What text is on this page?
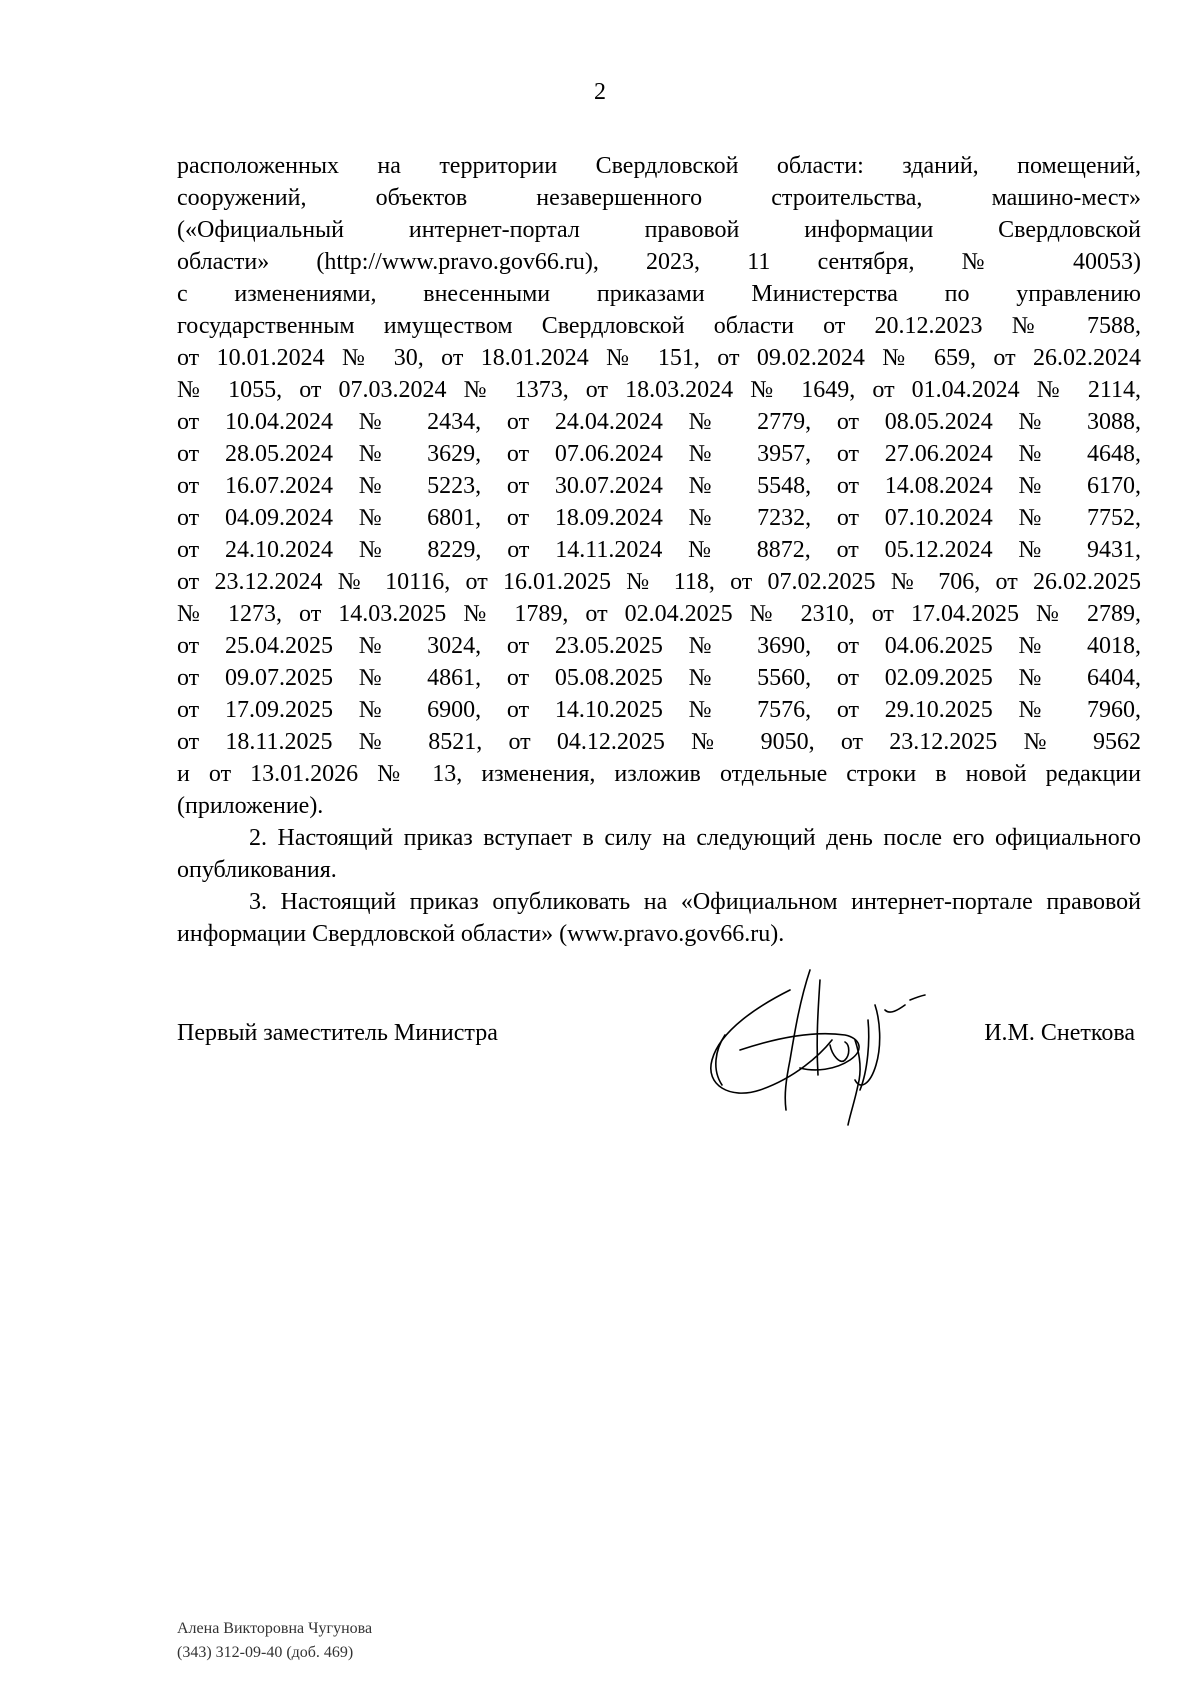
2
расположенных на территории Свердловской области: зданий, помещений,
сооружений, объектов незавершенного строительства, машино-мест»
(«Официальный интернет-портал правовой информации Свердловской
области» (http://www.pravo.gov66.ru), 2023, 11 сентября, № 40053)
с изменениями, внесенными приказами Министерства по управлению
государственным имуществом Свердловской области от 20.12.2023 № 7588,
от 10.01.2024 № 30, от 18.01.2024 № 151, от 09.02.2024 № 659, от 26.02.2024
№ 1055, от 07.03.2024 № 1373, от 18.03.2024 № 1649, от 01.04.2024 № 2114,
от 10.04.2024 № 2434, от 24.04.2024 № 2779, от 08.05.2024 № 3088,
от 28.05.2024 № 3629, от 07.06.2024 № 3957, от 27.06.2024 № 4648,
от 16.07.2024 № 5223, от 30.07.2024 № 5548, от 14.08.2024 № 6170,
от 04.09.2024 № 6801, от 18.09.2024 № 7232, от 07.10.2024 № 7752,
от 24.10.2024 № 8229, от 14.11.2024 № 8872, от 05.12.2024 № 9431,
от 23.12.2024 № 10116, от 16.01.2025 № 118, от 07.02.2025 № 706, от 26.02.2025
№ 1273, от 14.03.2025 № 1789, от 02.04.2025 № 2310, от 17.04.2025 № 2789,
от 25.04.2025 № 3024, от 23.05.2025 № 3690, от 04.06.2025 № 4018,
от 09.07.2025 № 4861, от 05.08.2025 № 5560, от 02.09.2025 № 6404,
от 17.09.2025 № 6900, от 14.10.2025 № 7576, от 29.10.2025 № 7960,
от 18.11.2025 № 8521, от 04.12.2025 № 9050, от 23.12.2025 № 9562
и от 13.01.2026 № 13, изменения, изложив отдельные строки в новой редакции
(приложение).

2. Настоящий приказ вступает в силу на следующий день после его официального опубликования.

3. Настоящий приказ опубликовать на «Официальном интернет-портале правовой информации Свердловской области» (www.pravo.gov66.ru).

Первый заместитель Министра	И.М. Снеткова
Алена Викторовна Чугунова
(343) 312-09-40 (доб. 469)
